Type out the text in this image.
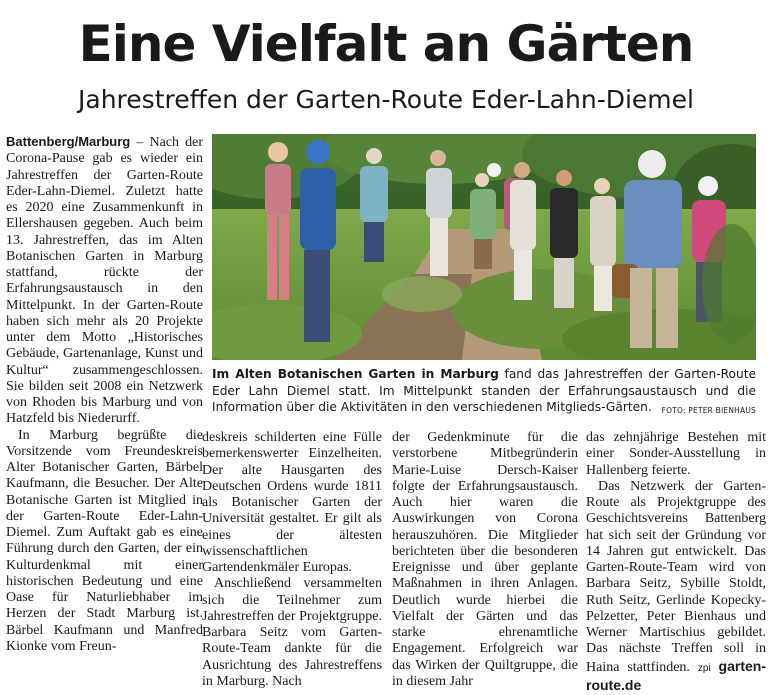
Eine Vielfalt an Gärten
Jahrestreffen der Garten-Route Eder-Lahn-Diemel

Battenberg/Marburg – Nach der Corona-Pause gab es wieder ein Jahrestreffen der Garten-Route Eder-Lahn-Diemel. Zuletzt hatte es 2020 eine Zusammenkunft in Ellershausen gegeben. Auch beim 13. Jahrestreffen, das im Alten Botanischen Garten in Marburg stattfand, rückte der Erfahrungsaustausch in den Mittelpunkt. In der Garten-Route haben sich mehr als 20 Projekte unter dem Motto „Historisches Gebäude, Gartenanlage, Kunst und Kultur“ zusammengeschlossen. Sie bilden seit 2008 ein Netzwerk von Rhoden bis Marburg und von Hatzfeld bis Niederurff.

In Marburg begrüßte die Vorsitzende vom Freundeskreis Alter Botanischer Garten, Bärbel Kaufmann, die Besucher. Der Alte Botanische Garten ist Mitglied in der Garten-Route Eder-Lahn-Diemel. Zum Auftakt gab es eine Führung durch den Garten, der ein Kulturdenkmal mit einer historischen Bedeutung und eine Oase für Naturliebhaber im Herzen der Stadt Marburg ist. Bärbel Kaufmann und Manfred Kionke vom Freun-

Im Alten Botanischen Garten in Marburg fand das Jahrestreffen der Garten-Route Eder Lahn Diemel statt. Im Mittelpunkt standen der Erfahrungsaustausch und die Information über die Aktivitäten in den verschiedenen Mitglieds-Gärten. FOTO: PETER BIENHAUS

deskreis schilderten eine Fülle bemerkenswerter Einzelheiten. Der alte Hausgarten des Deutschen Ordens wurde 1811 als Botanischer Garten der Universität gestaltet. Er gilt als eines der ältesten wissenschaftlichen Gartendenkmäler Europas.

Anschließend versammelten sich die Teilnehmer zum Jahrestreffen der Projektgruppe. Barbara Seitz vom Garten-Route-Team dankte für die Ausrichtung des Jahrestreffens in Marburg. Nach

der Gedenkminute für die verstorbene Mitbegründerin Marie-Luise Dersch-Kaiser folgte der Erfahrungsaustausch. Auch hier waren die Auswirkungen von Corona herauszuhören. Die Mitglieder berichteten über die besonderen Ereignisse und über geplante Maßnahmen in ihren Anlagen. Deutlich wurde hierbei die Vielfalt der Gärten und das starke ehrenamtliche Engagement. Erfolgreich war das Wirken der Quiltgruppe, die in diesem Jahr

das zehnjährige Bestehen mit einer Sonder-Ausstellung in Hallenberg feierte.

Das Netzwerk der Garten-Route als Projektgruppe des Geschichtsvereins Battenberg hat sich seit der Gründung vor 14 Jahren gut entwickelt. Das Garten-Route-Team wird von Barbara Seitz, Sybille Stoldt, Ruth Seitz, Gerlinde Kopecky-Pelzetter, Peter Bienhaus und Werner Martischius gebildet. Das nächste Treffen soll in Haina stattfinden. zpi garten-route.de
